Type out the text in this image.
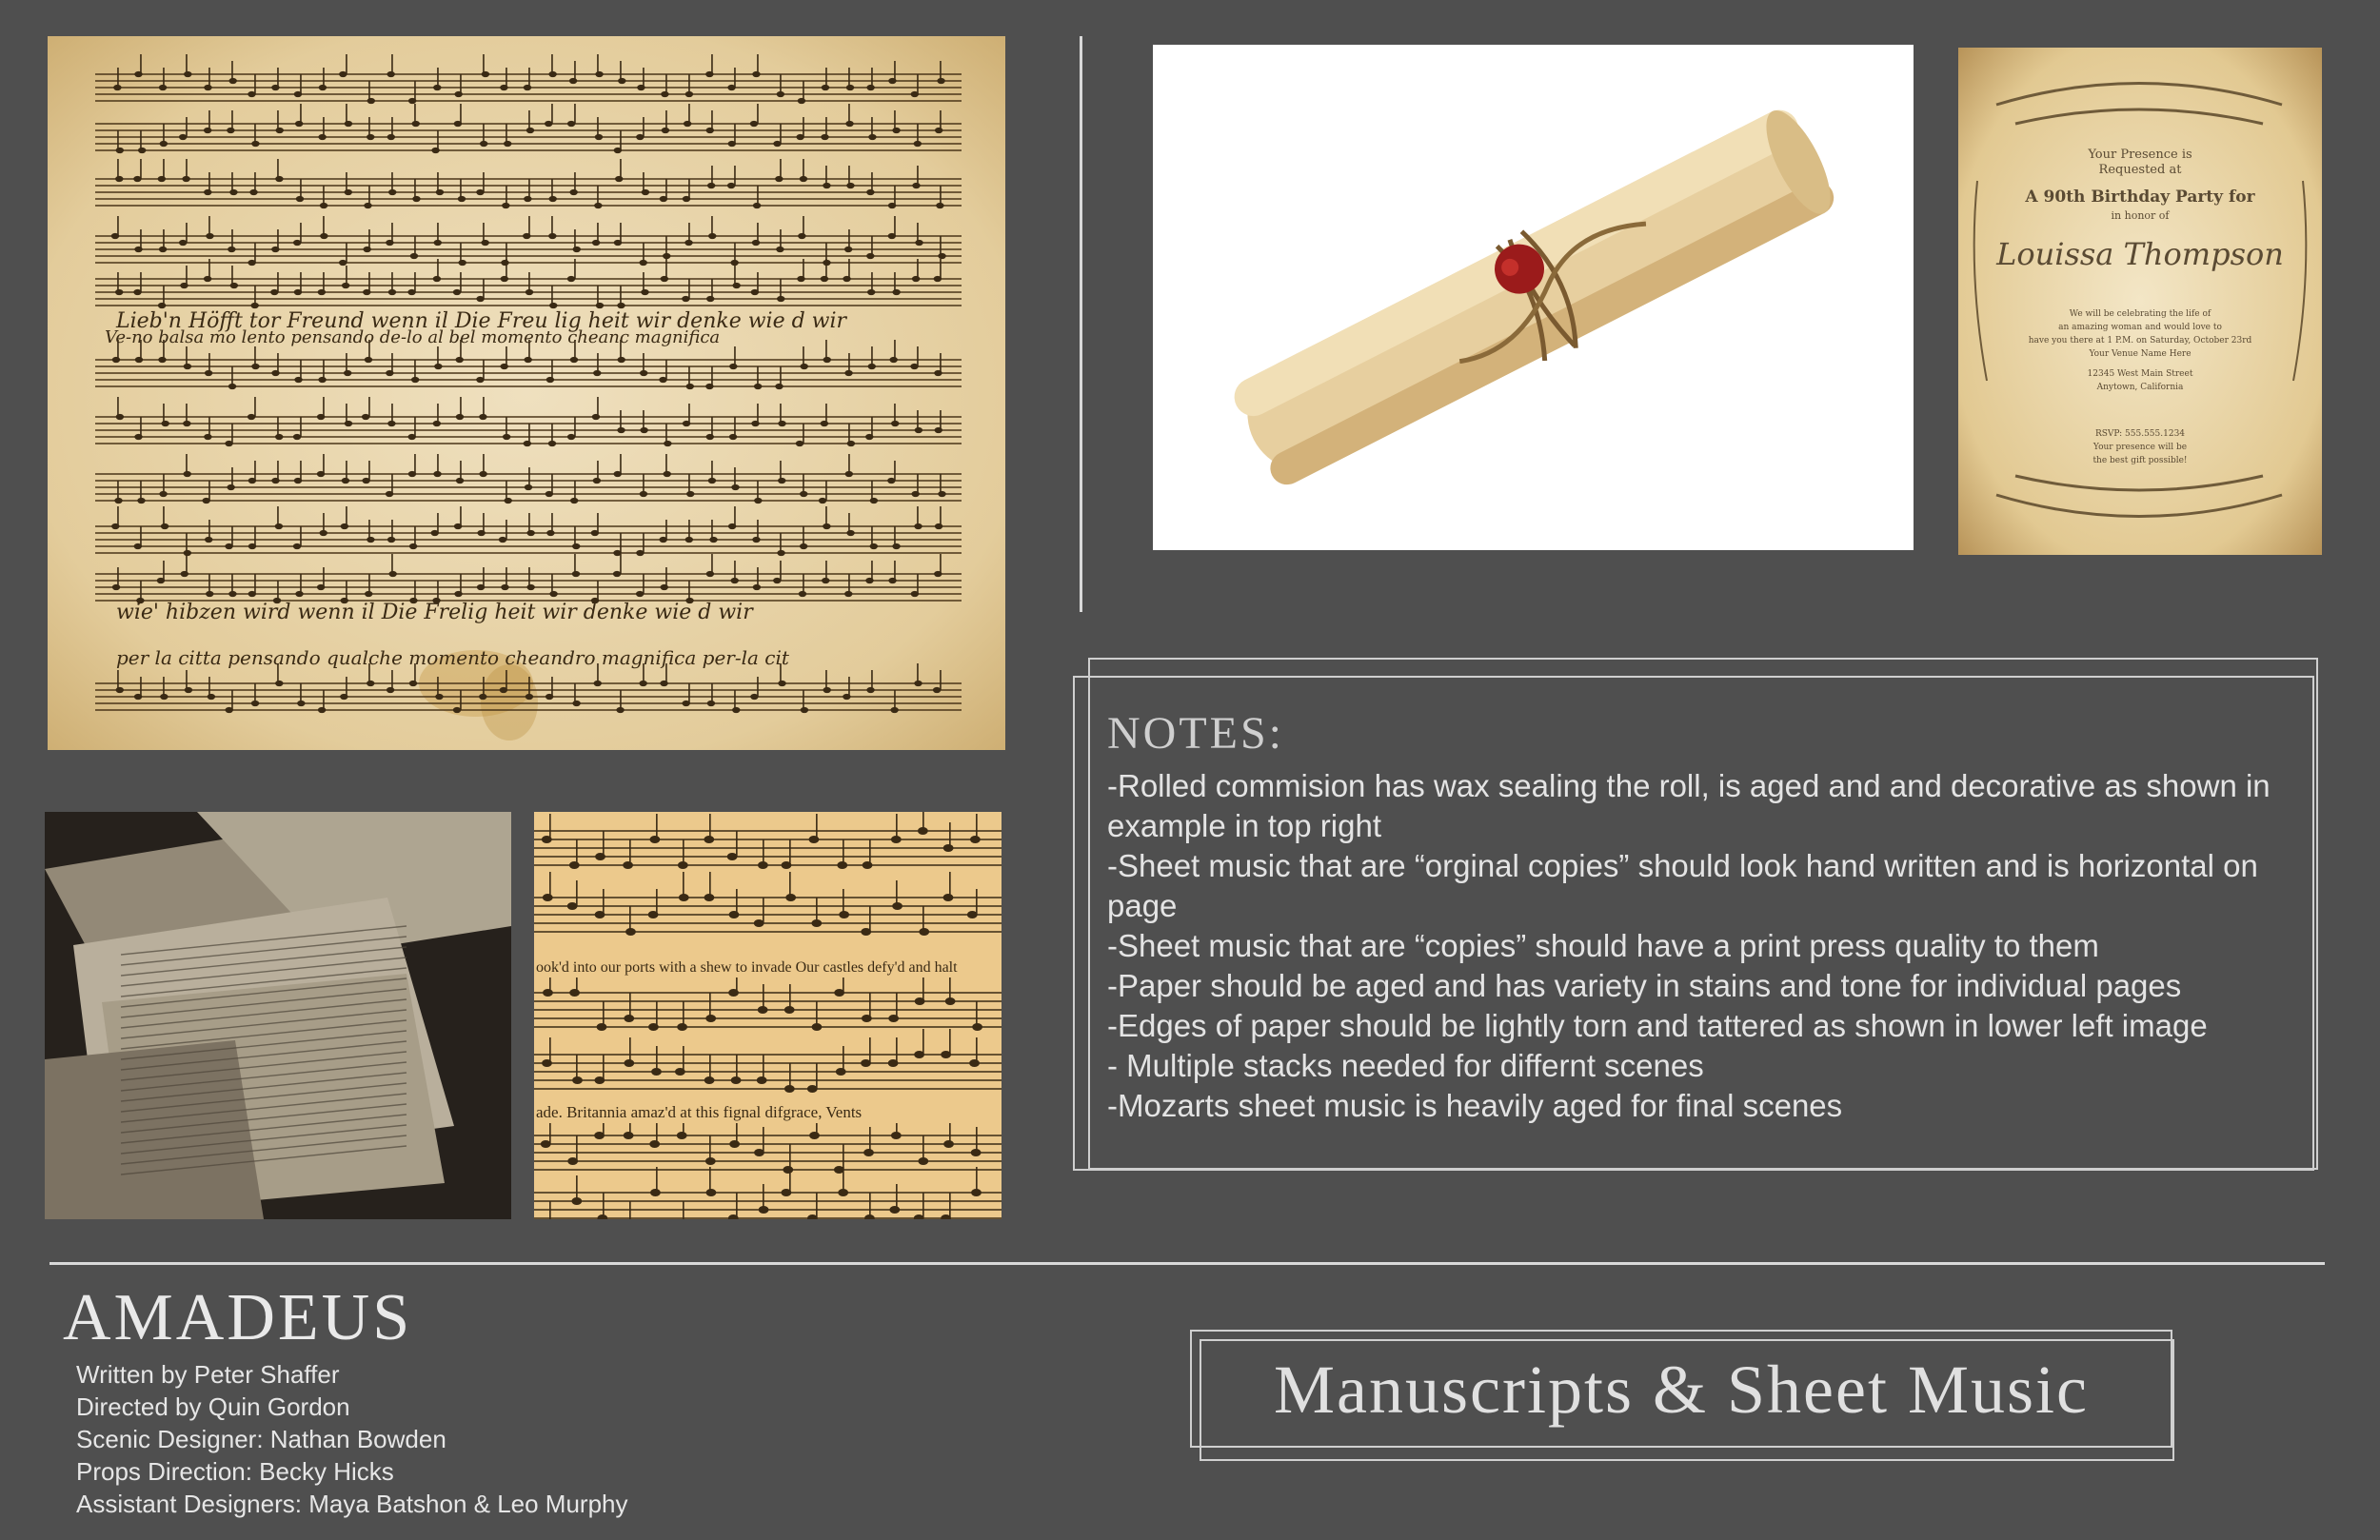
Lieb'n Höfft tor Freund wenn il Die Freu lig heit wir denke wie d wir
Ve-no balsa mo lento pensando de-lo al bel momento cheanc magnifica
wie' hibzen wird wenn il Die Frelig heit wir denke wie d wir
per la citta pensando qualche momento cheandro magnifica per-la cit
Your Presence is
Requested at
A 90th Birthday Party for
in honor of
Louissa Thompson
We will be celebrating the life of
an amazing woman and would love to
have you there at 1 P.M. on Saturday, October 23rd
Your Venue Name Here
12345 West Main Street
Anytown, California
RSVP: 555.555.1234
Your presence will be
the best gift possible!
ook'd into our ports with a shew to invade Our castles defy'd and halt
ade. Britannia amaz'd at this fignal difgrace, Vents

NOTES:

-Rolled commision has wax sealing the roll, is aged and and decorative as shown in

example in top right

-Sheet music that are “orginal copies” should look hand written and is horizontal on

page

-Sheet music that are “copies” should have a print press quality to them

-Paper should be aged and has variety in stains and tone for individual pages

-Edges of paper should be lightly torn and tattered as shown in lower left image

- Multiple stacks needed for differnt scenes

-Mozarts sheet music is heavily aged for final scenes

AMADEUS

Written by Peter Shaffer

Directed by Quin Gordon

Scenic Designer: Nathan Bowden

Props Direction: Becky Hicks

Assistant Designers: Maya Batshon & Leo Murphy

Manuscripts & Sheet Music
